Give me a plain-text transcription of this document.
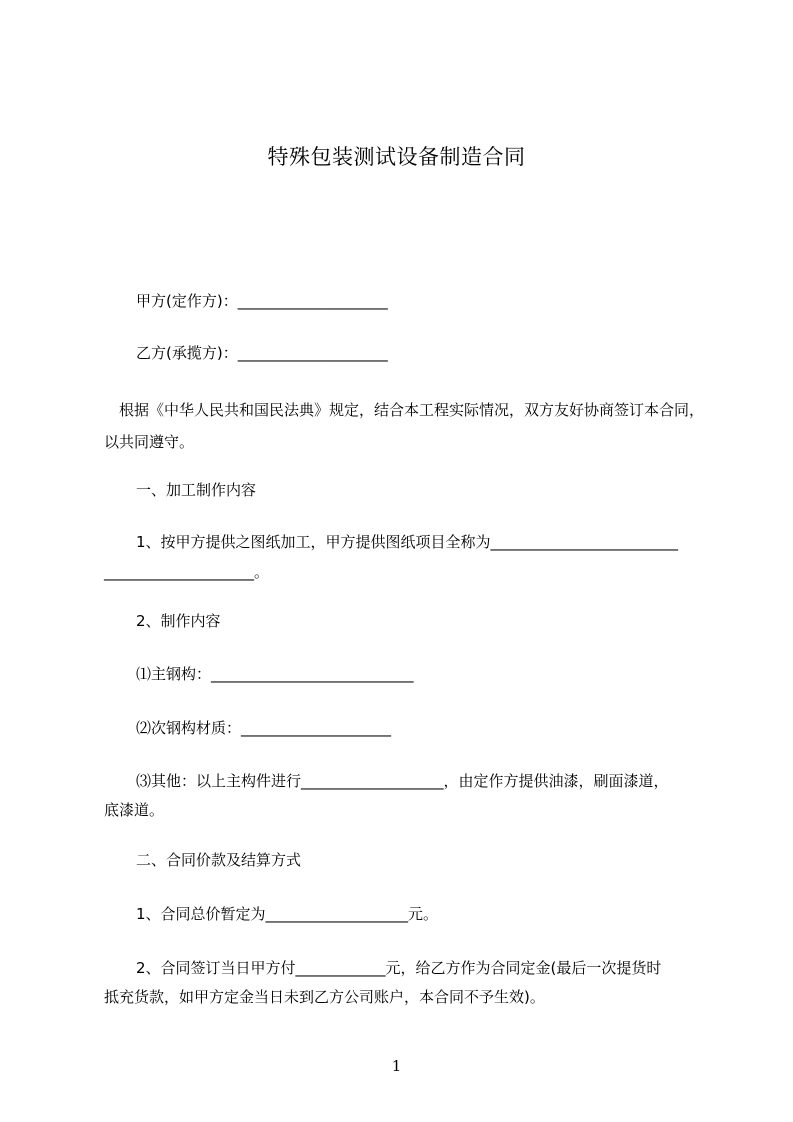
特殊包装测试设备制造合同
甲方(定作方)：____________________
乙方(承揽方)：____________________
　根据《中华人民共和国民法典》规定，结合本工程实际情况，双方友好协商签订本合同，以共同遵守。
一、加工制作内容
1、按甲方提供之图纸加工，甲方提供图纸项目全称为_________________________
____________________。
2、制作内容
⑴主钢构：___________________________
⑵次钢构材质：____________________
⑶其他：以上主构件进行___________________，由定作方提供油漆，刷面漆道，
底漆道。
二、合同价款及结算方式
1、合同总价暂定为___________________元。
2、合同签订当日甲方付____________元，给乙方作为合同定金(最后一次提货时
抵充货款，如甲方定金当日未到乙方公司账户，本合同不予生效)。
1
